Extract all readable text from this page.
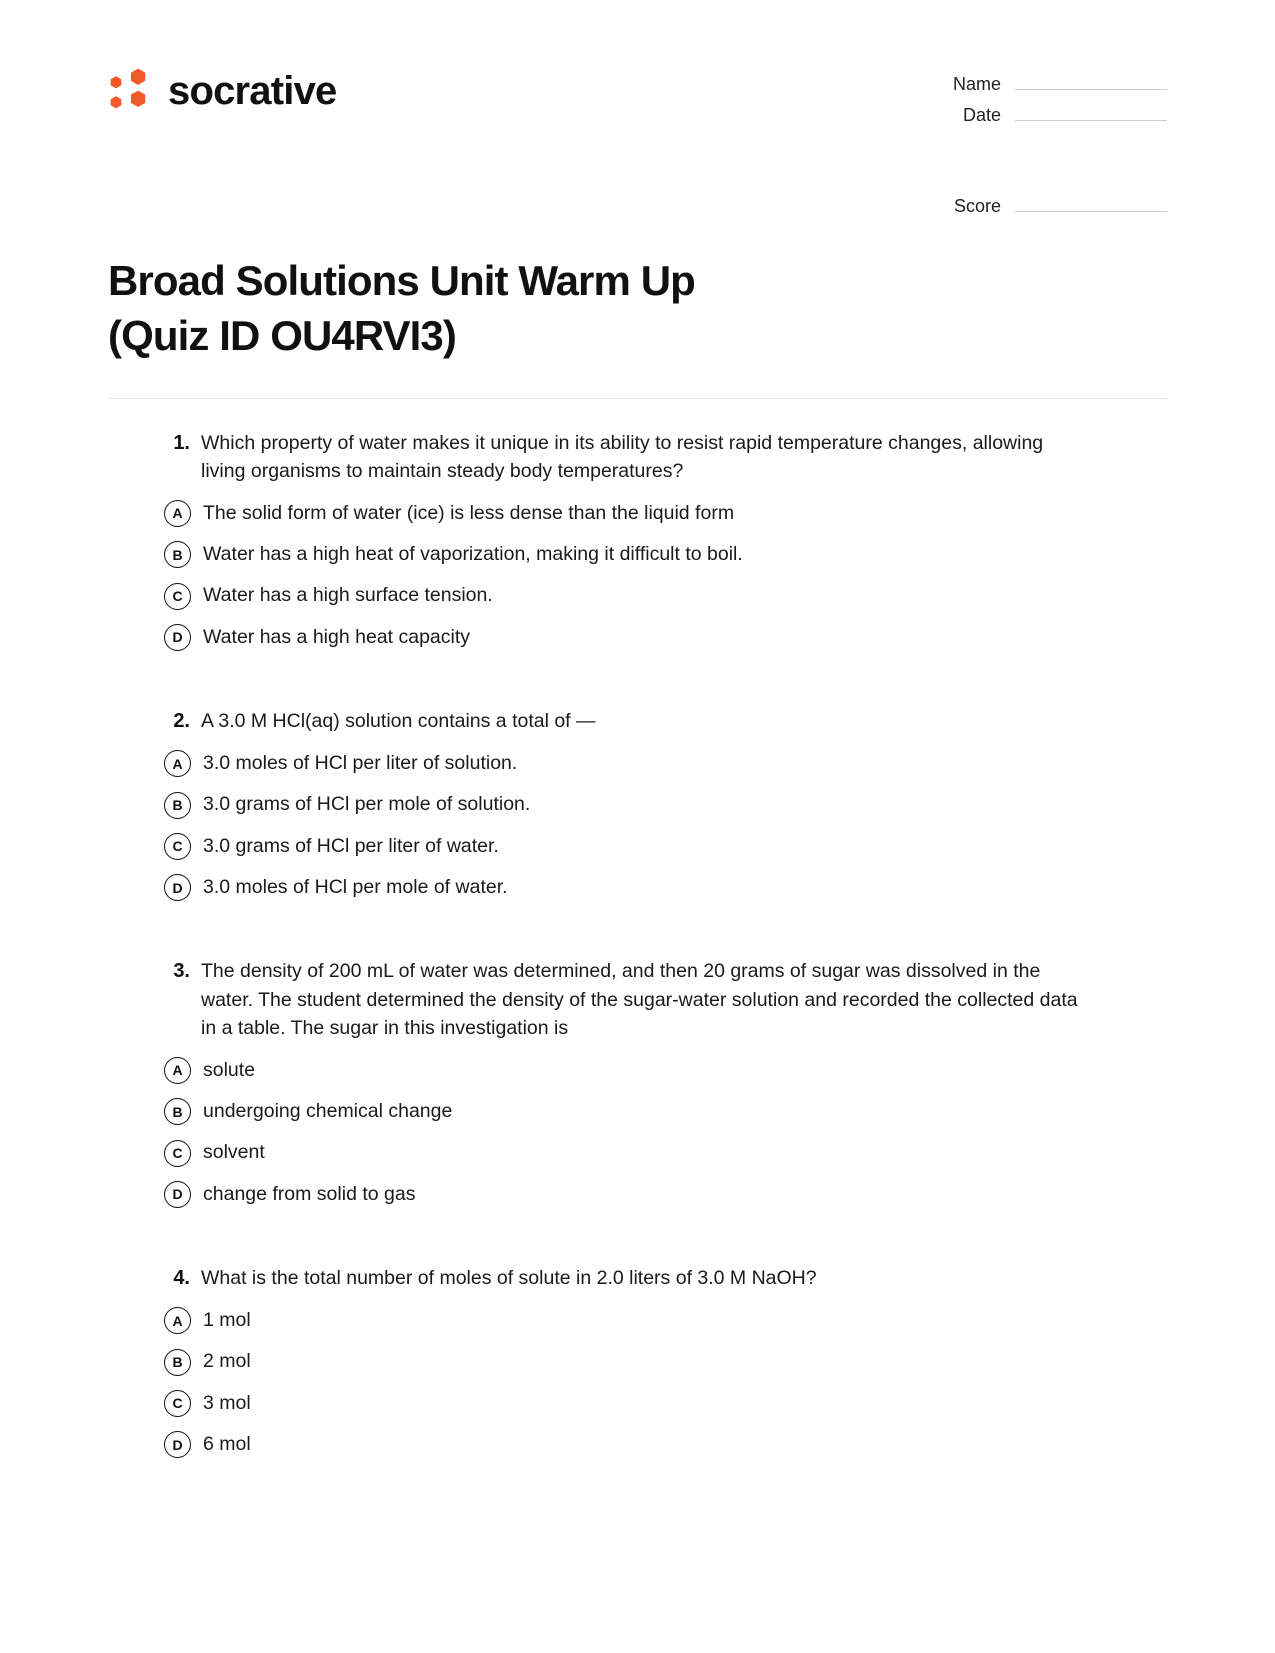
socrative	Name
Date
Score
Broad Solutions Unit Warm Up (Quiz ID OU4RVI3)
1. Which property of water makes it unique in its ability to resist rapid temperature changes, allowing living organisms to maintain steady body temperatures?
A	The solid form of water (ice) is less dense than the liquid form
B	Water has a high heat of vaporization, making it difficult to boil.
C	Water has a high surface tension.
D	Water has a high heat capacity
2. A 3.0 M HCl(aq) solution contains a total of —
A	3.0 moles of HCl per liter of solution.
B	3.0 grams of HCl per mole of solution.
C	3.0 grams of HCl per liter of water.
D	3.0 moles of HCl per mole of water.
3. The density of 200 mL of water was determined, and then 20 grams of sugar was dissolved in the water. The student determined the density of the sugar-water solution and recorded the collected data in a table. The sugar in this investigation is
A	solute
B	undergoing chemical change
C	solvent
D	change from solid to gas
4. What is the total number of moles of solute in 2.0 liters of 3.0 M NaOH?
A	1 mol
B	2 mol
C	3 mol
D	6 mol
